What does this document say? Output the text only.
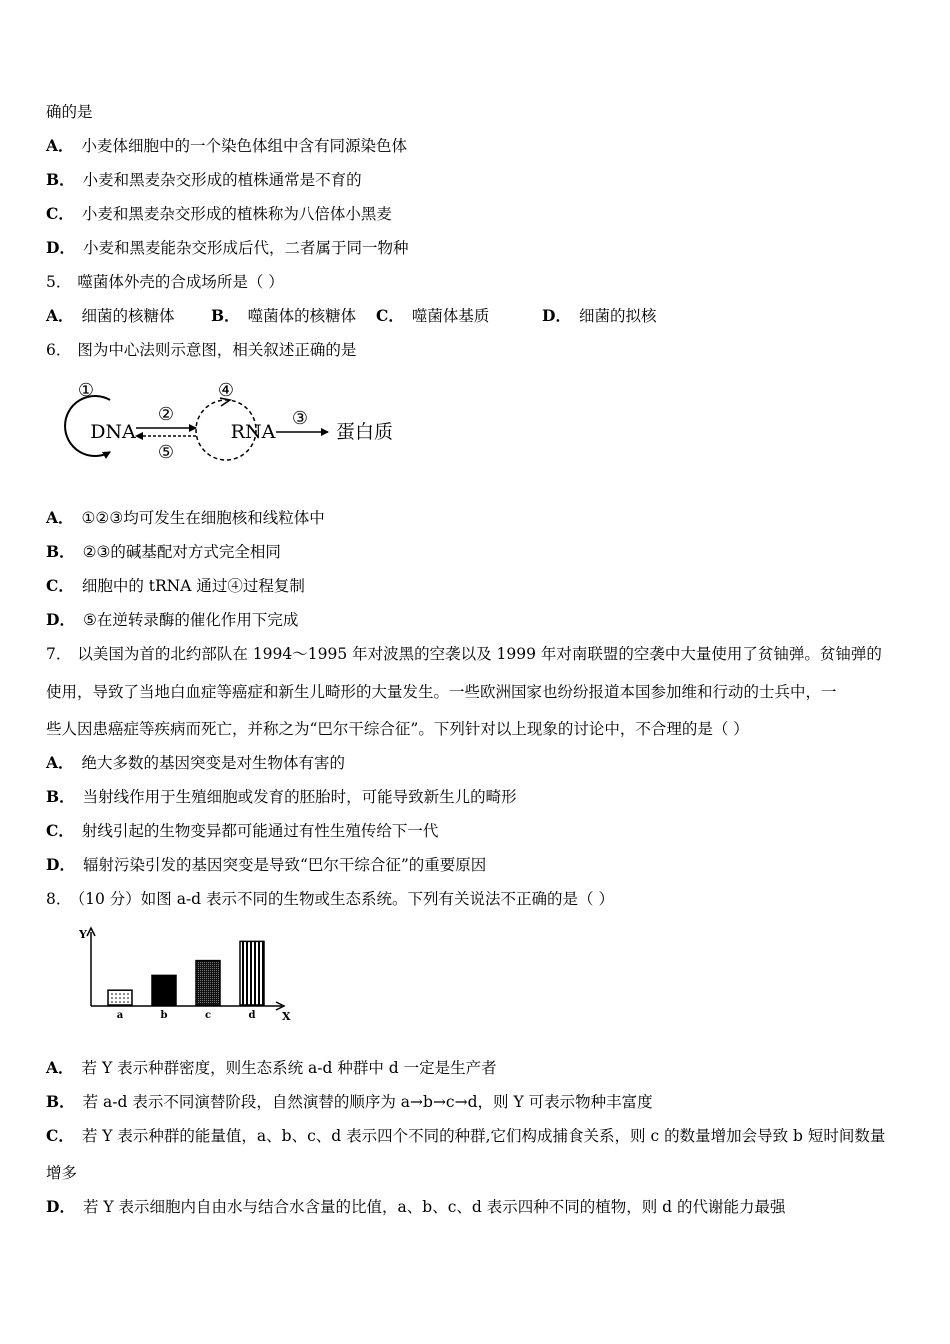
确的是
A． 小麦体细胞中的一个染色体组中含有同源染色体
B． 小麦和黑麦杂交形成的植株通常是不育的
C． 小麦和黑麦杂交形成的植株称为八倍体小黑麦
D． 小麦和黑麦能杂交形成后代，二者属于同一物种
5． 噬菌体外壳的合成场所是（ ）
A． 细菌的核糖体 B． 噬菌体的核糖体 C． 噬菌体基质	D． 细菌的拟核
6． 图为中心法则示意图，相关叙述正确的是
①
DNA
②
⑤
④
RNA
③
蛋白质
A． ①②③均可发生在细胞核和线粒体中
B． ②③的碱基配对方式完全相同
C． 细胞中的 tRNA 通过④过程复制
D． ⑤在逆转录酶的催化作用下完成
7． 以美国为首的北约部队在 1994～1995 年对波黑的空袭以及 1999 年对南联盟的空袭中大量使用了贫铀弹。贫铀弹的
使用，导致了当地白血症等癌症和新生儿畸形的大量发生。一些欧洲国家也纷纷报道本国参加维和行动的士兵中，一
些人因患癌症等疾病而死亡，并称之为“巴尔干综合征”。下列针对以上现象的讨论中，不合理的是（ ）
A． 绝大多数的基因突变是对生物体有害的
B． 当射线作用于生殖细胞或发育的胚胎时，可能导致新生儿的畸形
C． 射线引起的生物变异都可能通过有性生殖传给下一代
D． 辐射污染引发的基因突变是导致“巴尔干综合征”的重要原因
8． （10 分）如图 a-d 表示不同的生物或生态系统。下列有关说法不正确的是（ ）
Y
X
a	b	c	d
A． 若 Y 表示种群密度，则生态系统 a-d 种群中 d 一定是生产者
B． 若 a-d 表示不同演替阶段，自然演替的顺序为 a→b→c→d，则 Y 可表示物种丰富度
C． 若 Y 表示种群的能量值，a、b、c、d 表示四个不同的种群,它们构成捕食关系，则 c 的数量增加会导致 b 短时间数量
增多
D． 若 Y 表示细胞内自由水与结合水含量的比值，a、b、c、d 表示四种不同的植物，则 d 的代谢能力最强
